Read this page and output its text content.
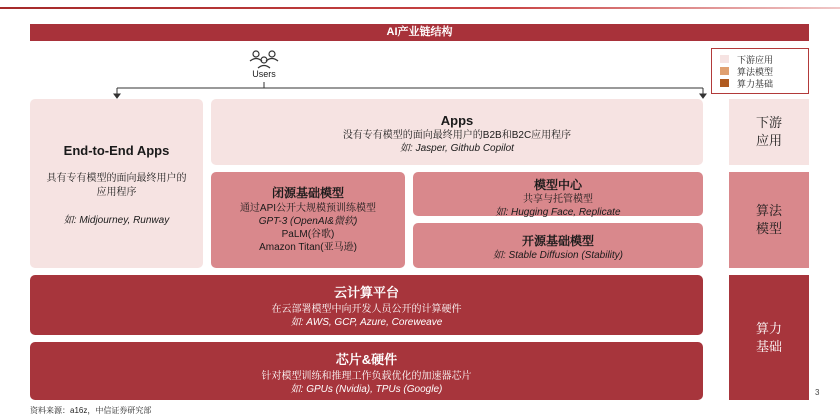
AI产业链结构
下游应用
算法模型
算力基础
Users
End-to-End Apps
具有专有模型的面向最终用户的应用程序
如: Midjourney, Runway
Apps
没有专有模型的面向最终用户的B2B和B2C应用程序
如: Jasper, Github Copilot
闭源基础模型
通过API公开大规模预训练模型
GPT-3 (OpenAI&微软)
PaLM(谷歌)
Amazon Titan(亚马逊)
模型中心
共享与托管模型
如: Hugging Face, Replicate
开源基础模型
如: Stable Diffusion (Stability)
云计算平台
在云部署模型中向开发人员公开的计算硬件
如: AWS, GCP, Azure, Coreweave
芯片&硬件
针对模型训练和推理工作负载优化的加速器芯片
如: GPUs (Nvidia), TPUs (Google)
下游应用
算法模型
算力基础
资料来源：a16z，中信证券研究部
3
